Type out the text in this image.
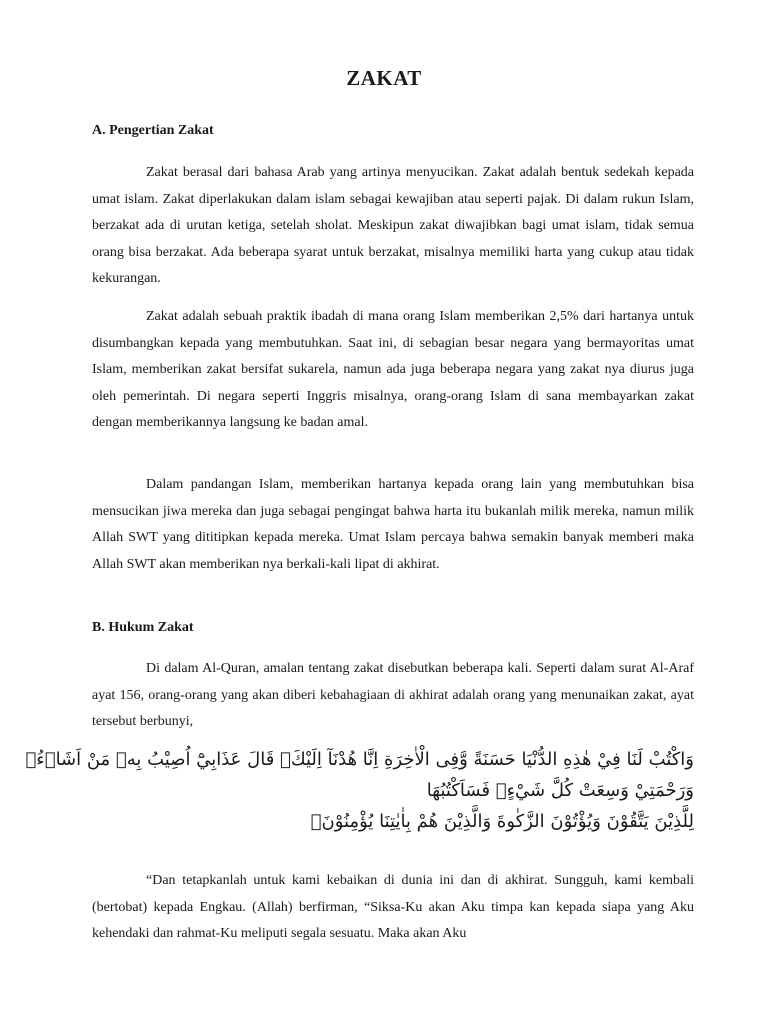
ZAKAT
A. Pengertian Zakat

Zakat berasal dari bahasa Arab yang artinya menyucikan. Zakat adalah bentuk sedekah kepada umat islam. Zakat diperlakukan dalam islam sebagai kewajiban atau seperti pajak. Di dalam rukun Islam, berzakat ada di urutan ketiga, setelah sholat. Meskipun zakat diwajibkan bagi umat islam, tidak semua orang bisa berzakat. Ada beberapa syarat untuk berzakat, misalnya memiliki harta yang cukup atau tidak kekurangan.

Zakat adalah sebuah praktik ibadah di mana orang Islam memberikan 2,5% dari hartanya untuk disumbangkan kepada yang membutuhkan. Saat ini, di sebagian besar negara yang bermayoritas umat Islam, memberikan zakat bersifat sukarela, namun ada juga beberapa negara yang zakat nya diurus juga oleh pemerintah. Di negara seperti Inggris misalnya, orang-orang Islam di sana membayarkan zakat dengan memberikannya langsung ke badan amal.

Dalam pandangan Islam, memberikan hartanya kepada orang lain yang membutuhkan bisa mensucikan jiwa mereka dan juga sebagai pengingat bahwa harta itu bukanlah milik mereka, namun milik Allah SWT yang dititipkan kepada mereka. Umat Islam percaya bahwa semakin banyak memberi maka Allah SWT akan memberikan nya berkali-kali lipat di akhirat.

B. Hukum Zakat

Di dalam Al-Quran, amalan tentang zakat disebutkan beberapa kali. Seperti dalam surat Al-Araf ayat 156, orang-orang yang akan diberi kebahagiaan di akhirat adalah orang yang menunaikan zakat, ayat tersebut berbunyi,

وَاكْتُبْ لَنَا فِيْ هٰذِهِ الدُّنْيَا حَسَنَةً وَّفِى الْاٰخِرَةِ اِنَّا هُدْنَآ اِلَيْكَۗ قَالَ عَذَابِيْٓ اُصِيْبُ بِهٖ مَنْ اَشَاۤءُۚ
وَرَحْمَتِيْ وَسِعَتْ كُلَّ شَيْءٍۗ فَسَاَكْتُبُهَا
لِلَّذِيْنَ يَتَّقُوْنَ وَيُؤْتُوْنَ الزَّكٰوةَ وَالَّذِيْنَ هُمْ بِاٰيٰتِنَا يُؤْمِنُوْنَۚ

“Dan tetapkanlah untuk kami kebaikan di dunia ini dan di akhirat. Sungguh, kami kembali (bertobat) kepada Engkau. (Allah) berfirman, “Siksa-Ku akan Aku timpa kan kepada siapa yang Aku kehendaki dan rahmat-Ku meliputi segala sesuatu. Maka akan Aku
